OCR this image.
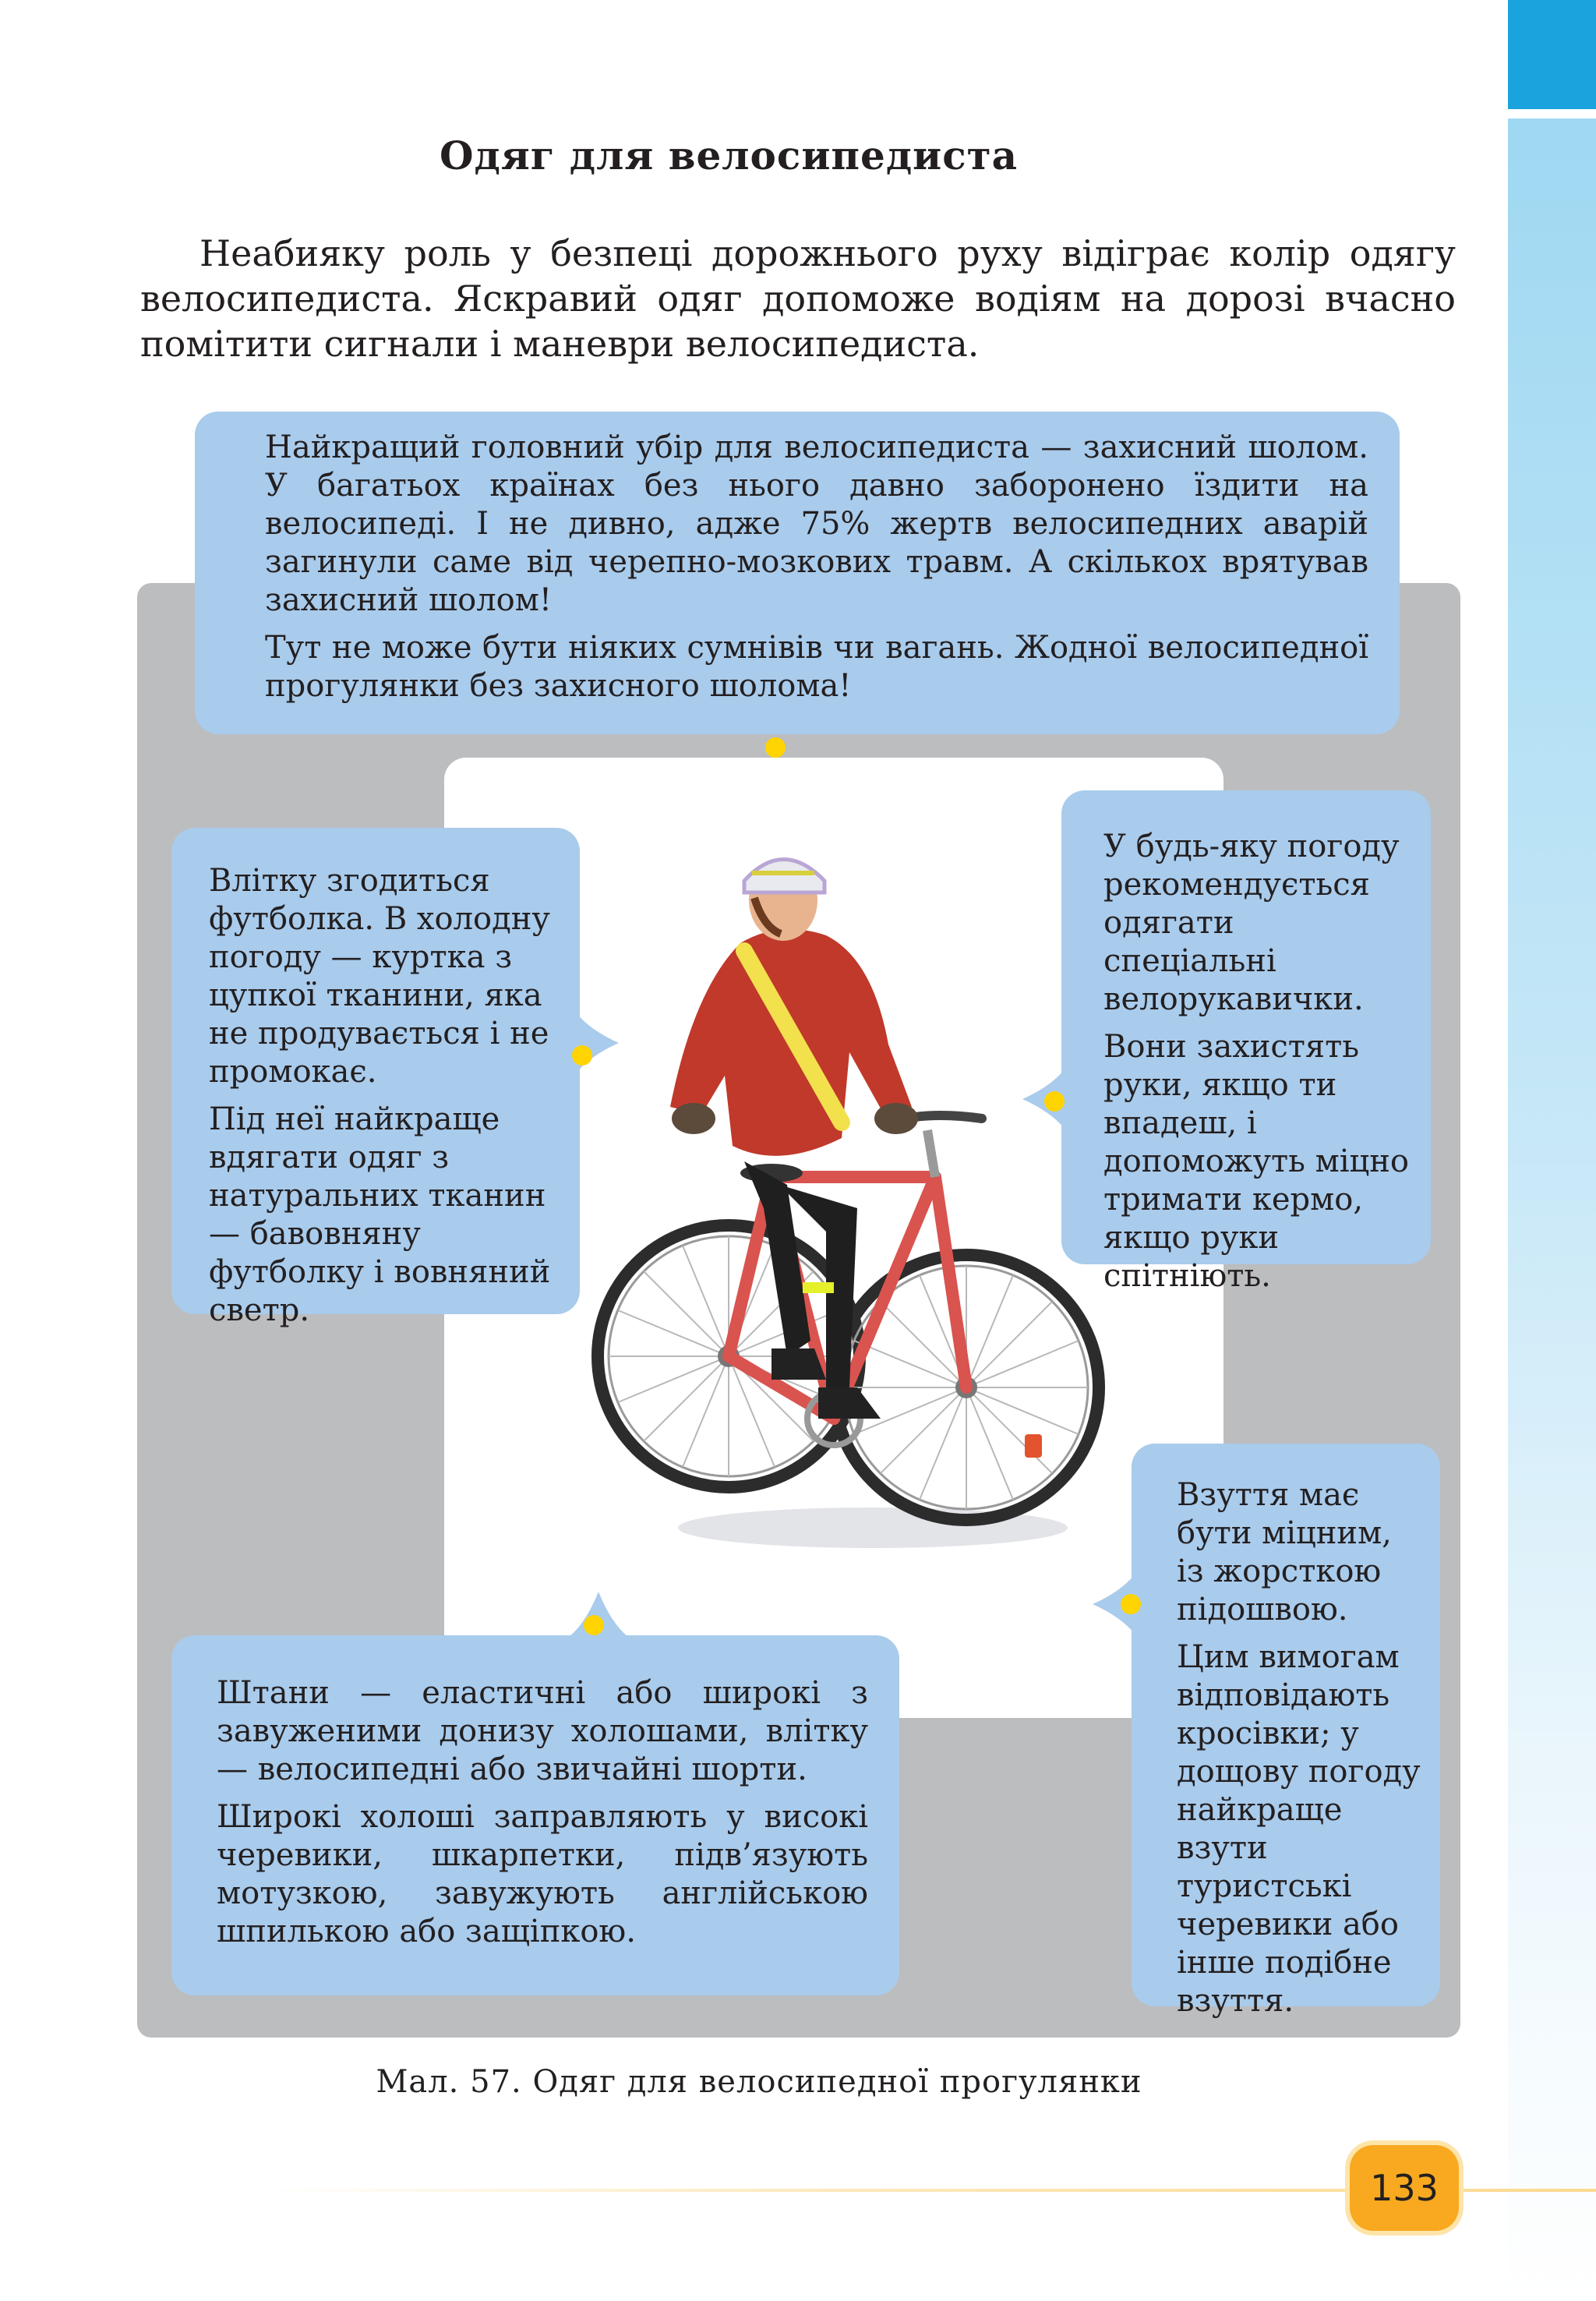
Одяг для велосипедиста

Неабияку роль у безпеці дорожнього руху відіграє колір одягу велосипедиста. Яскравий одяг допоможе водіям на дорозі вчасно помітити сигнали і маневри велосипедиста.

Найкращий головний убір для велосипедиста — захисний шолом. У багатьох країнах без нього давно заборонено їздити на велосипеді. І не дивно, адже 75% жертв велосипедних аварій загинули саме від черепно-мозкових травм. А скількох врятував захисний шолом!

Тут не може бути ніяких сумнівів чи вагань. Жодної велосипедної прогулянки без захисного шолома!

Влітку згодиться футболка. В холодну погоду — куртка з цупкої тканини, яка не продувається і не промокає.

Під неї найкраще вдягати одяг з натуральних тканин — бавовняну футболку і вовняний светр.

У будь-яку погоду рекомендується одягати спеціальні велорукавички.

Вони захистять руки, якщо ти впадеш, і допоможуть міцно тримати кермо, якщо руки спітніють.

Взуття має бути міцним, із жорсткою підошвою.

Цим вимогам відповідають кросівки; у дощову погоду найкраще взути туристські черевики або інше подібне взуття.

Штани — еластичні або широкі з завуженими донизу холошами, влітку — велосипедні або звичайні шорти.

Широкі холоші заправляють у високі черевики, шкарпетки, підв’язують мотузкою, завужують англійською шпилькою або защіпкою.

Мал. 57. Одяг для велосипедної прогулянки

133
